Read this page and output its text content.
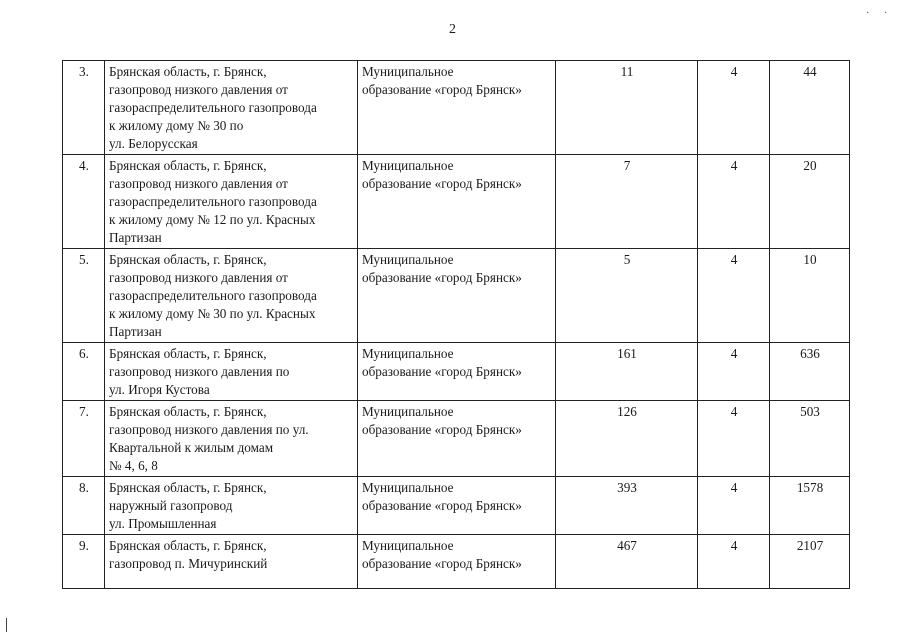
2
· ·
3.	Брянская область, г. Брянск,
газопровод низкого давления от
газораспределительного газопровода
к жилому дому № 30 по
ул. Белорусская	Муниципальное
образование «город Брянск»	11	4	44
4.	Брянская область, г. Брянск,
газопровод низкого давления от
газораспределительного газопровода
к жилому дому № 12 по ул. Красных
Партизан	Муниципальное
образование «город Брянск»	7	4	20
5.	Брянская область, г. Брянск,
газопровод низкого давления от
газораспределительного газопровода
к жилому дому № 30 по ул. Красных
Партизан	Муниципальное
образование «город Брянск»	5	4	10
6.	Брянская область, г. Брянск,
газопровод низкого давления по
ул. Игоря Кустова	Муниципальное
образование «город Брянск»	161	4	636
7.	Брянская область, г. Брянск,
газопровод низкого давления по ул.
Квартальной к жилым домам
№ 4, 6, 8	Муниципальное
образование «город Брянск»	126	4	503
8.	Брянская область, г. Брянск,
наружный газопровод
ул. Промышленная	Муниципальное
образование «город Брянск»	393	4	1578
9.	Брянская область, г. Брянск,
газопровод п. Мичуринский	Муниципальное
образование «город Брянск»	467	4	2107
